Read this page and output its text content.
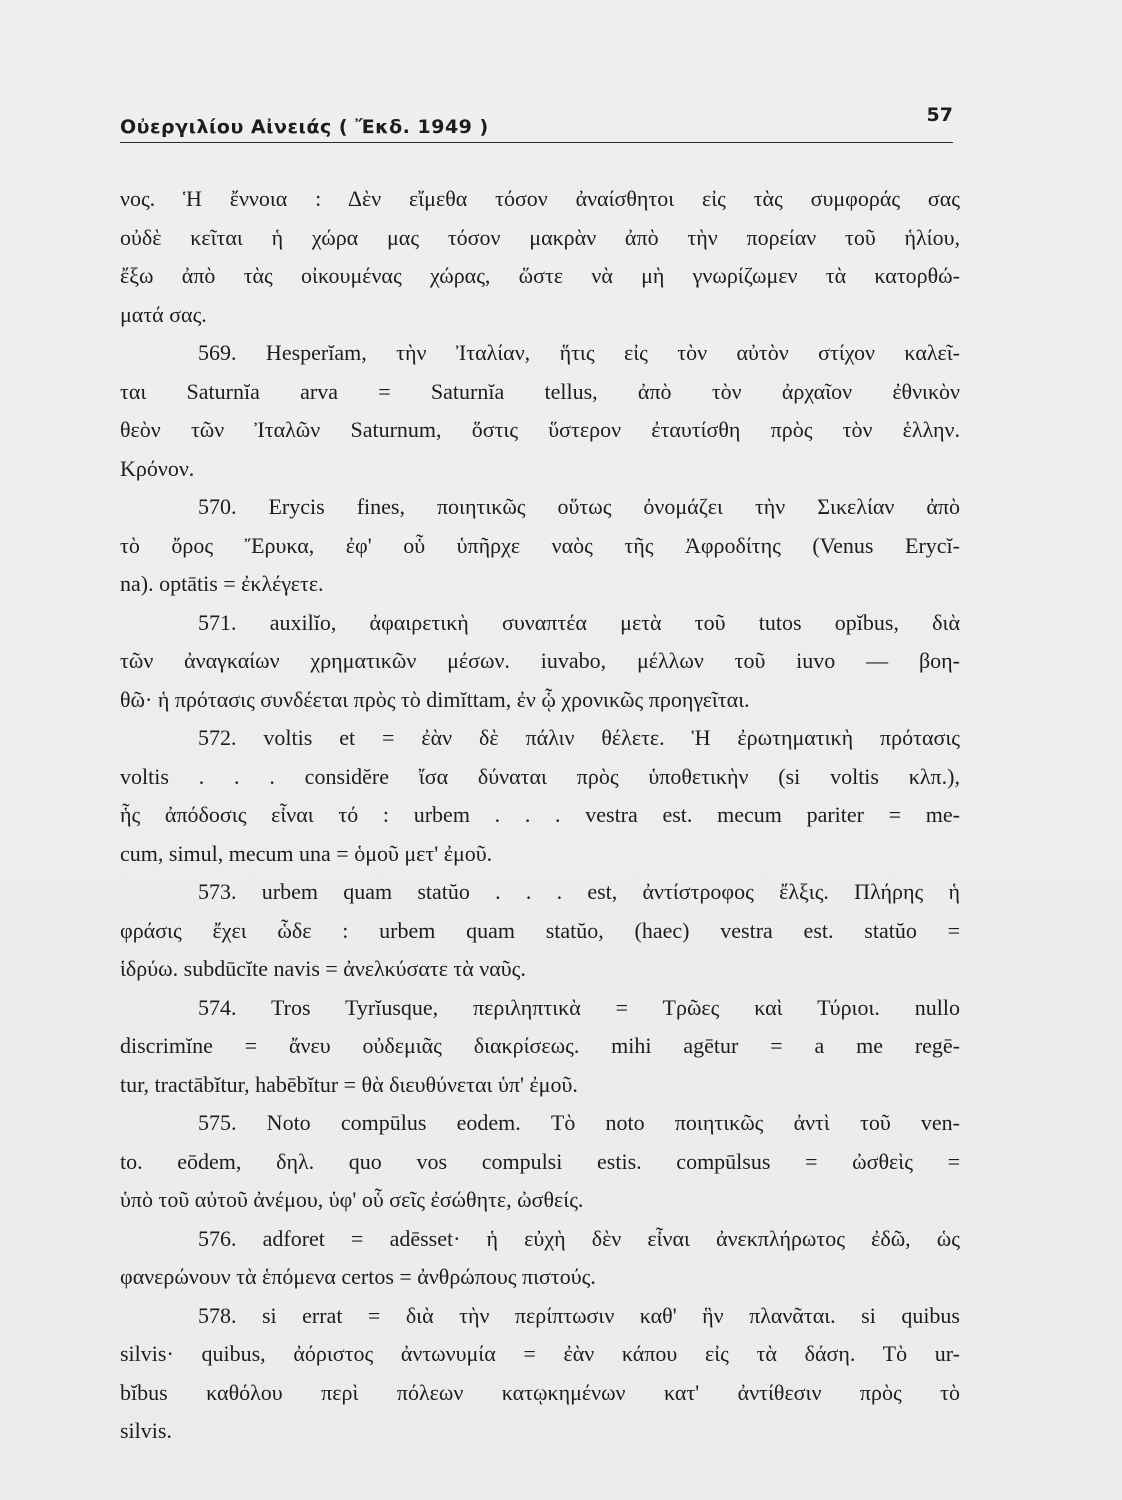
Οὐεργιλίου Αἰνειάς ( Ἔκδ. 1949 )
57
νος. Ἡ ἔννοια : Δὲν εἴμεθα τόσον ἀναίσθητοι εἰς τὰς συμφοράς σας
οὐδὲ κεῖται ἡ χώρα μας τόσον μακρὰν ἀπὸ τὴν πορείαν τοῦ ἡλίου,
ἔξω ἀπὸ τὰς οἰκουμένας χώρας, ὥστε νὰ μὴ γνωρίζωμεν τὰ κατορθώ-
ματά σας.
569. Hesperĭam, τὴν Ἰταλίαν, ἥτις εἰς τὸν αὐτὸν στίχον καλεῖ-
ται Saturnĭa arva = Saturnĭa tellus, ἀπὸ τὸν ἀρχαῖον ἐθνικὸν
θεὸν τῶν Ἰταλῶν Saturnum, ὅστις ὕστερον ἐταυτίσθη πρὸς τὸν ἑλλην.
Κρόνον.
570. Erycis fines, ποιητικῶς οὕτως ὀνομάζει τὴν Σικελίαν ἀπὸ
τὸ ὄρος Ἔρυκα, ἐφ' οὗ ὑπῆρχε ναὸς τῆς Ἀφροδίτης (Venus Erycĭ-
na). optātis = ἐκλέγετε.
571. auxilĭo, ἀφαιρετικὴ συναπτέα μετὰ τοῦ tutos opĭbus, διὰ
τῶν ἀναγκαίων χρηματικῶν μέσων. iuvabo, μέλλων τοῦ iuvo — βοη-
θῶ· ἡ πρότασις συνδέεται πρὸς τὸ dimĭttam, ἐν ᾧ χρονικῶς προηγεῖται.
572. voltis et = ἐὰν δὲ πάλιν θέλετε. Ἡ ἐρωτηματικὴ πρότασις
voltis . . . considĕre ἴσα δύναται πρὸς ὑποθετικὴν (si voltis κλπ.),
ἧς ἀπόδοσις εἶναι τό : urbem . . . vestra est. mecum pariter = me-
cum, simul, mecum una = ὁμοῦ μετ' ἐμοῦ.
573. urbem quam statŭo . . . est, ἀντίστροφος ἔλξις. Πλήρης ἡ
φράσις ἔχει ὧδε : urbem quam statŭo, (haec) vestra est. statŭo =
ἱδρύω. subdūcĭte navis = ἀνελκύσατε τὰ ναῦς.
574. Tros Tyrĭusque, περιληπτικὰ = Τρῶες καὶ Τύριοι. nullo
discrimĭne = ἄνευ οὐδεμιᾶς διακρίσεως. mihi agētur = a me regē-
tur, tractābĭtur, habēbĭtur = θὰ διευθύνεται ὑπ' ἐμοῦ.
575. Noto compūlus eodem. Τὸ noto ποιητικῶς ἀντὶ τοῦ ven-
to. eōdem, δηλ. quo vos compulsi estis. compūlsus = ὠσθεὶς =
ὑπὸ τοῦ αὐτοῦ ἀνέμου, ὑφ' οὗ σεῖς ἐσώθητε, ὠσθείς.
576. adforet = adēsset· ἡ εὐχὴ δὲν εἶναι ἀνεκπλήρωτος ἐδῶ, ὡς
φανερώνουν τὰ ἑπόμενα certos = ἀνθρώπους πιστούς.
578. si errat = διὰ τὴν περίπτωσιν καθ' ἣν πλανᾶται. si quibus
silvis· quibus, ἀόριστος ἀντωνυμία = ἐὰν κάπου εἰς τὰ δάση. Τὸ ur-
bĭbus καθόλου περὶ πόλεων κατῳκημένων κατ' ἀντίθεσιν πρὸς τὸ
silvis.
